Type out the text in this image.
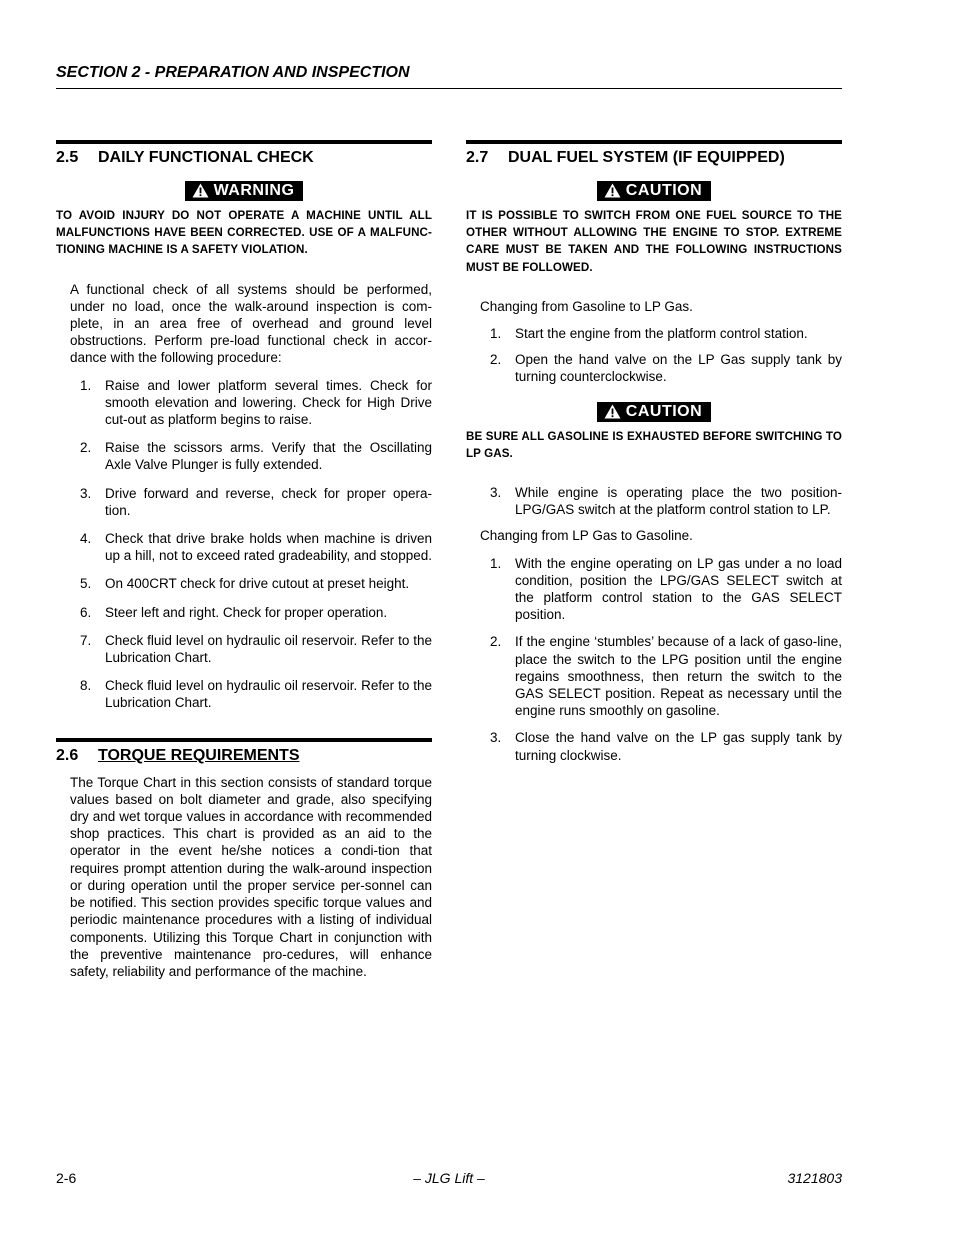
SECTION 2 - PREPARATION AND INSPECTION
2.5 DAILY FUNCTIONAL CHECK
WARNING
TO AVOID INJURY DO NOT OPERATE A MACHINE UNTIL ALL MALFUNCTIONS HAVE BEEN CORRECTED. USE OF A MALFUNC-TIONING MACHINE IS A SAFETY VIOLATION.
A functional check of all systems should be performed, under no load, once the walk-around inspection is com-plete, in an area free of overhead and ground level obstructions. Perform pre-load functional check in accor-dance with the following procedure:
1. Raise and lower platform several times. Check for smooth elevation and lowering. Check for High Drive cut-out as platform begins to raise.
2. Raise the scissors arms. Verify that the Oscillating Axle Valve Plunger is fully extended.
3. Drive forward and reverse, check for proper opera-tion.
4. Check that drive brake holds when machine is driven up a hill, not to exceed rated gradeability, and stopped.
5. On 400CRT check for drive cutout at preset height.
6. Steer left and right. Check for proper operation.
7. Check fluid level on hydraulic oil reservoir. Refer to the Lubrication Chart.
8. Check fluid level on hydraulic oil reservoir. Refer to the Lubrication Chart.
2.6 TORQUE REQUIREMENTS
The Torque Chart in this section consists of standard torque values based on bolt diameter and grade, also specifying dry and wet torque values in accordance with recommended shop practices. This chart is provided as an aid to the operator in the event he/she notices a condi-tion that requires prompt attention during the walk-around inspection or during operation until the proper service per-sonnel can be notified. This section provides specific torque values and periodic maintenance procedures with a listing of individual components. Utilizing this Torque Chart in conjunction with the preventive maintenance pro-cedures, will enhance safety, reliability and performance of the machine.
2.7 DUAL FUEL SYSTEM (IF EQUIPPED)
CAUTION
IT IS POSSIBLE TO SWITCH FROM ONE FUEL SOURCE TO THE OTHER WITHOUT ALLOWING THE ENGINE TO STOP. EXTREME CARE MUST BE TAKEN AND THE FOLLOWING INSTRUCTIONS MUST BE FOLLOWED.
Changing from Gasoline to LP Gas.
1. Start the engine from the platform control station.
2. Open the hand valve on the LP Gas supply tank by turning counterclockwise.
CAUTION
BE SURE ALL GASOLINE IS EXHAUSTED BEFORE SWITCHING TO LP GAS.
3. While engine is operating place the two position-LPG/GAS switch at the platform control station to LP.
Changing from LP Gas to Gasoline.
1. With the engine operating on LP gas under a no load condition, position the LPG/GAS SELECT switch at the platform control station to the GAS SELECT position.
2. If the engine ‘stumbles’ because of a lack of gaso-line, place the switch to the LPG position until the engine regains smoothness, then return the switch to the GAS SELECT position. Repeat as necessary until the engine runs smoothly on gasoline.
3. Close the hand valve on the LP gas supply tank by turning clockwise.
2-6	– JLG Lift –	3121803
